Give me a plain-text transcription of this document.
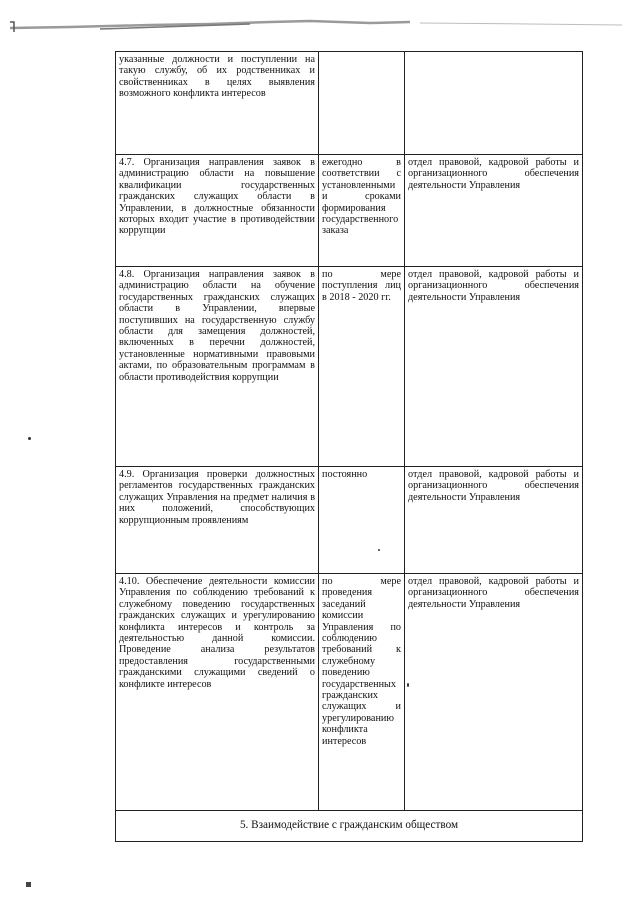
указанные должности и поступлении на такую службу, об их родственниках и свойственниках в целях выявления возможного конфликта интересов		

4.7. Организация направления заявок в администрацию области на повышение квалификации государственных гражданских служащих области в Управлении, в должностные обязанности которых входит участие в противодействии коррупции	ежегодно в соответствии с установленными и сроками формирования государственного заказа	отдел правовой, кадровой работы и организационного обеспечения деятельности Управления

4.8. Организация направления заявок в администрацию области на обучение государственных гражданских служащих области в Управлении, впервые поступивших на государственную службу области для замещения должностей, включенных в перечни должностей, установленные нормативными правовыми актами, по образовательным программам в области противодействия коррупции	по мере поступления лиц в 2018 - 2020 гг.	отдел правовой, кадровой работы и организационного обеспечения деятельности Управления

4.9. Организация проверки должностных регламентов государственных гражданских служащих Управления на предмет наличия в них положений, способствующих коррупционным проявлениям	постоянно	отдел правовой, кадровой работы и организационного обеспечения деятельности Управления

4.10. Обеспечение деятельности комиссии Управления по соблюдению требований к служебному поведению государственных гражданских служащих и урегулированию конфликта интересов и контроль за деятельностью данной комиссии. Проведение анализа результатов предоставления государственными гражданскими служащими сведений о конфликте интересов	по мере проведения заседаний комиссии Управления по соблюдению требований к служебному поведению государственных гражданских служащих и урегулированию конфликта интересов	отдел правовой, кадровой работы и организационного обеспечения деятельности Управления

5. Взаимодействие с гражданским обществом		
